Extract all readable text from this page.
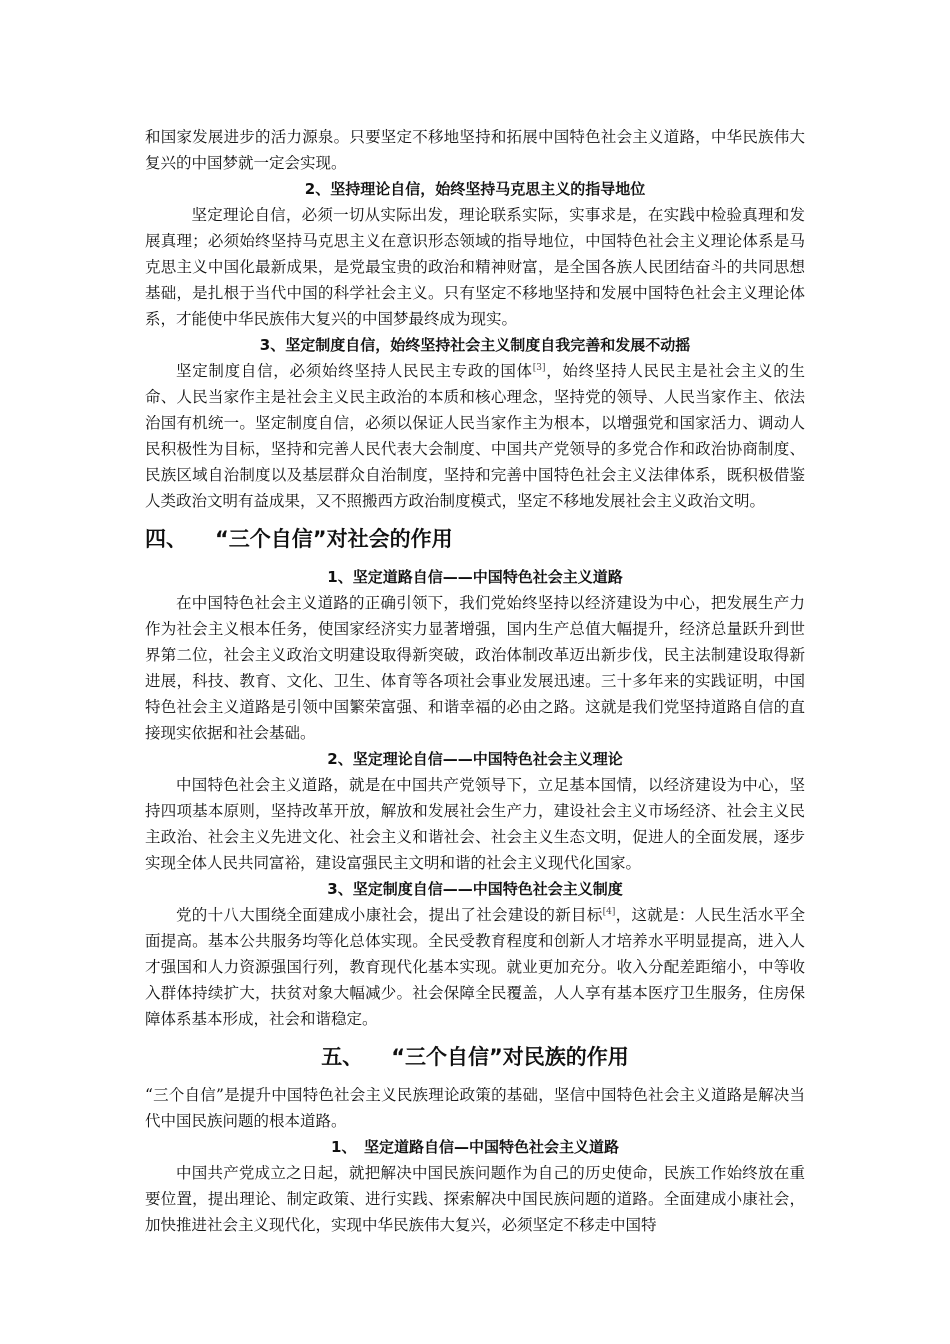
和国家发展进步的活力源泉。只要坚定不移地坚持和拓展中国特色社会主义道路，中华民族伟大复兴的中国梦就一定会实现。

2、坚持理论自信，始终坚持马克思主义的指导地位

坚定理论自信，必须一切从实际出发，理论联系实际，实事求是，在实践中检验真理和发展真理；必须始终坚持马克思主义在意识形态领域的指导地位，中国特色社会主义理论体系是马克思主义中国化最新成果，是党最宝贵的政治和精神财富，是全国各族人民团结奋斗的共同思想基础，是扎根于当代中国的科学社会主义。只有坚定不移地坚持和发展中国特色社会主义理论体系，才能使中华民族伟大复兴的中国梦最终成为现实。

3、坚定制度自信，始终坚持社会主义制度自我完善和发展不动摇

坚定制度自信，必须始终坚持人民民主专政的国体[3]，始终坚持人民民主是社会主义的生命、人民当家作主是社会主义民主政治的本质和核心理念，坚持党的领导、人民当家作主、依法治国有机统一。坚定制度自信，必须以保证人民当家作主为根本，以增强党和国家活力、调动人民积极性为目标，坚持和完善人民代表大会制度、中国共产党领导的多党合作和政治协商制度、民族区域自治制度以及基层群众自治制度，坚持和完善中国特色社会主义法律体系，既积极借鉴人类政治文明有益成果，又不照搬西方政治制度模式，坚定不移地发展社会主义政治文明。

四、 “三个自信”对社会的作用

1、坚定道路自信——中国特色社会主义道路

在中国特色社会主义道路的正确引领下，我们党始终坚持以经济建设为中心，把发展生产力作为社会主义根本任务，使国家经济实力显著增强，国内生产总值大幅提升，经济总量跃升到世界第二位，社会主义政治文明建设取得新突破，政治体制改革迈出新步伐，民主法制建设取得新进展，科技、教育、文化、卫生、体育等各项社会事业发展迅速。三十多年来的实践证明，中国特色社会主义道路是引领中国繁荣富强、和谐幸福的必由之路。这就是我们党坚持道路自信的直接现实依据和社会基础。

2、坚定理论自信——中国特色社会主义理论

中国特色社会主义道路，就是在中国共产党领导下，立足基本国情，以经济建设为中心，坚持四项基本原则，坚持改革开放，解放和发展社会生产力，建设社会主义市场经济、社会主义民主政治、社会主义先进文化、社会主义和谐社会、社会主义生态文明，促进人的全面发展，逐步实现全体人民共同富裕，建设富强民主文明和谐的社会主义现代化国家。

3、坚定制度自信——中国特色社会主义制度

党的十八大围绕全面建成小康社会，提出了社会建设的新目标[4]，这就是：人民生活水平全面提高。基本公共服务均等化总体实现。全民受教育程度和创新人才培养水平明显提高，进入人才强国和人力资源强国行列，教育现代化基本实现。就业更加充分。收入分配差距缩小，中等收入群体持续扩大，扶贫对象大幅减少。社会保障全民覆盖，人人享有基本医疗卫生服务，住房保障体系基本形成，社会和谐稳定。

五、 “三个自信”对民族的作用

“三个自信”是提升中国特色社会主义民族理论政策的基础，坚信中国特色社会主义道路是解决当代中国民族问题的根本道路。

1、　坚定道路自信—中国特色社会主义道路

中国共产党成立之日起，就把解决中国民族问题作为自己的历史使命，民族工作始终放在重要位置，提出理论、制定政策、进行实践、探索解决中国民族问题的道路。全面建成小康社会，加快推进社会主义现代化，实现中华民族伟大复兴，必须坚定不移走中国特
